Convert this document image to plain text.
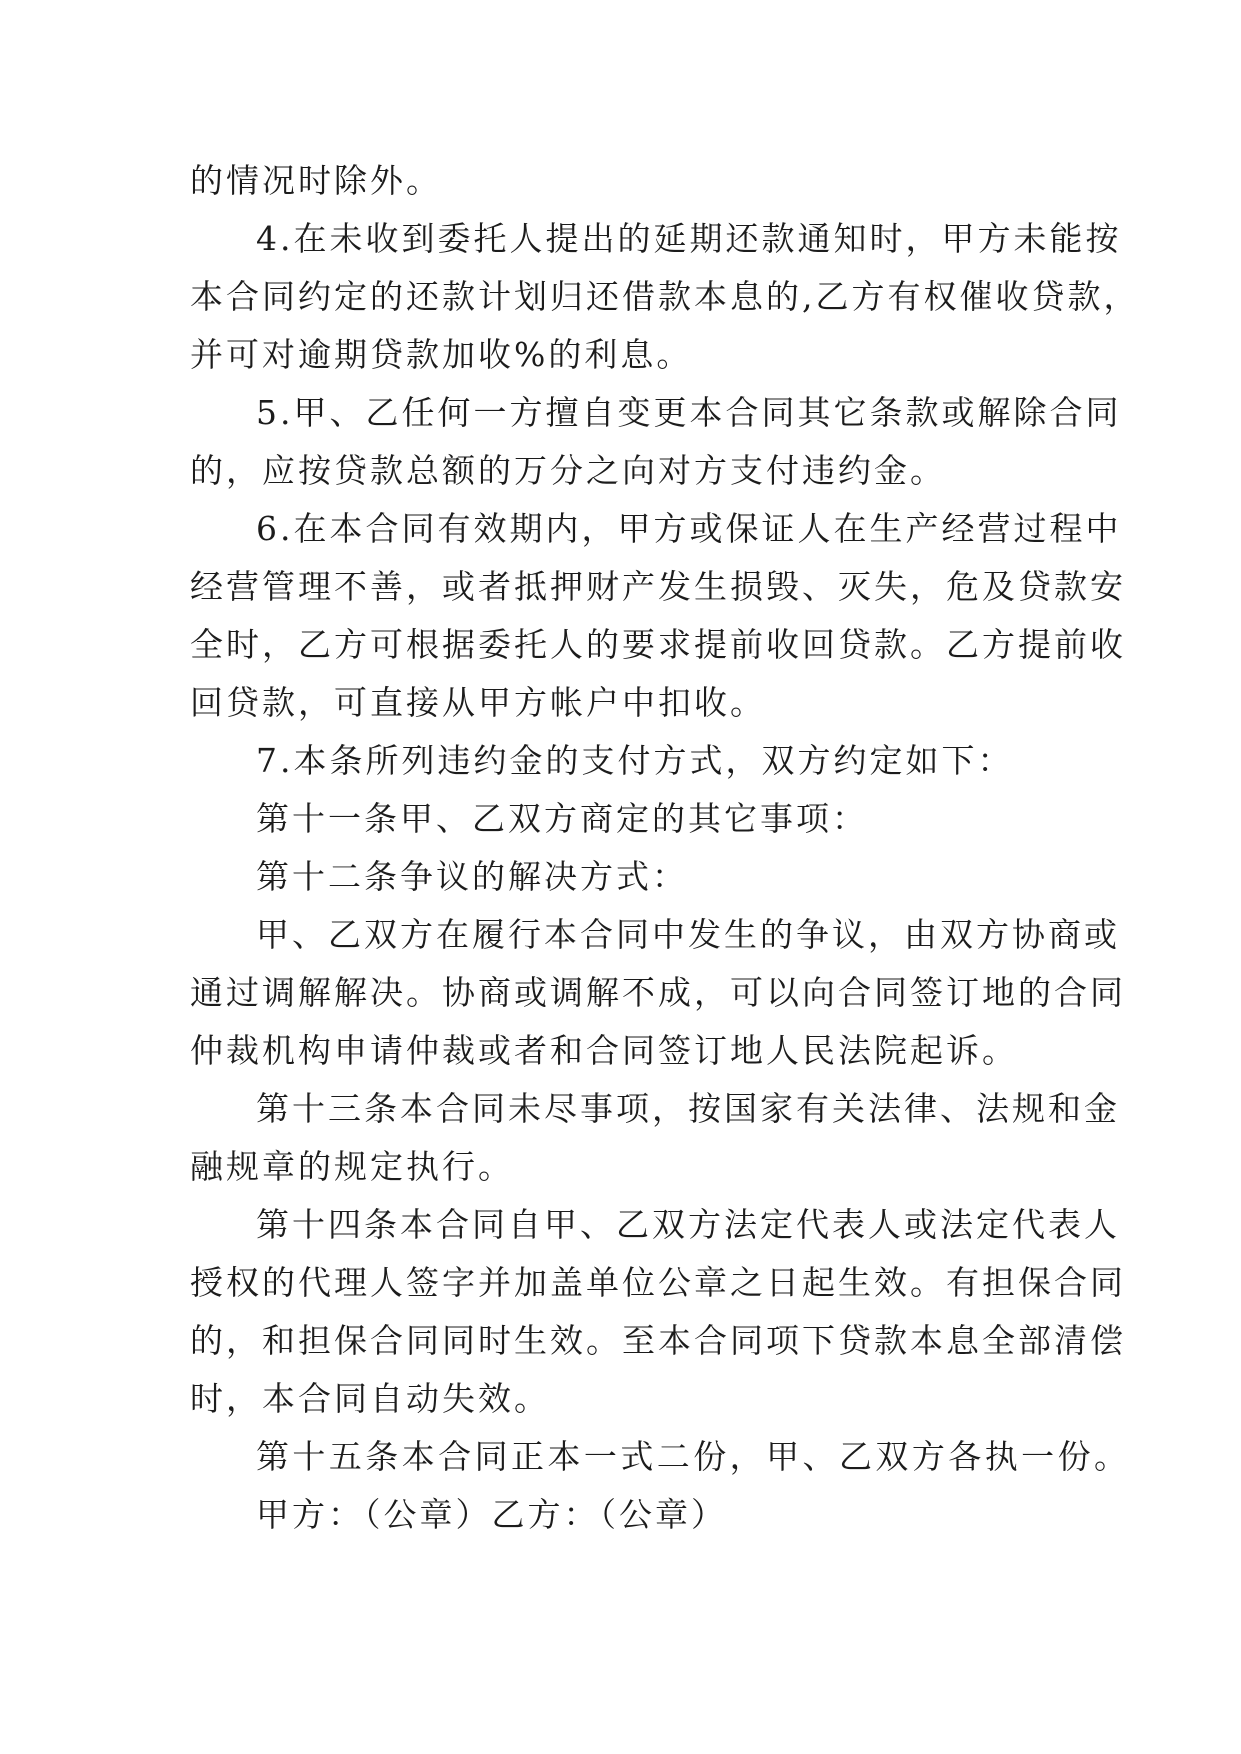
的情况时除外。
4.在未收到委托人提出的延期还款通知时，甲方未能按
本合同约定的还款计划归还借款本息的,乙方有权催收贷款，
并可对逾期贷款加收%的利息。
5.甲、乙任何一方擅自变更本合同其它条款或解除合同
的，应按贷款总额的万分之向对方支付违约金。
6.在本合同有效期内，甲方或保证人在生产经营过程中
经营管理不善，或者抵押财产发生损毁、灭失，危及贷款安
全时，乙方可根据委托人的要求提前收回贷款。乙方提前收
回贷款，可直接从甲方帐户中扣收。
7.本条所列违约金的支付方式，双方约定如下：
第十一条甲、乙双方商定的其它事项：
第十二条争议的解决方式：
甲、乙双方在履行本合同中发生的争议，由双方协商或
通过调解解决。协商或调解不成，可以向合同签订地的合同
仲裁机构申请仲裁或者和合同签订地人民法院起诉。
第十三条本合同未尽事项，按国家有关法律、法规和金
融规章的规定执行。
第十四条本合同自甲、乙双方法定代表人或法定代表人
授权的代理人签字并加盖单位公章之日起生效。有担保合同
的，和担保合同同时生效。至本合同项下贷款本息全部清偿
时，本合同自动失效。
第十五条本合同正本一式二份，甲、乙双方各执一份。
甲方：（公章）乙方：（公章）
